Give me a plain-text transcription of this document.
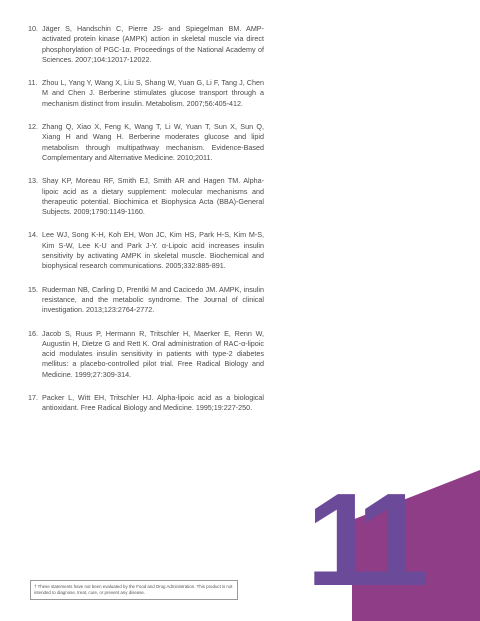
10. Jäger S, Handschin C, Pierre JS- and Spiegelman BM. AMP-activated protein kinase (AMPK) action in skeletal muscle via direct phosphorylation of PGC-1α. Proceedings of the National Academy of Sciences. 2007;104:12017-12022.
11. Zhou L, Yang Y, Wang X, Liu S, Shang W, Yuan G, Li F, Tang J, Chen M and Chen J. Berberine stimulates glucose transport through a mechanism distinct from insulin. Metabolism. 2007;56:405-412.
12. Zhang Q, Xiao X, Feng K, Wang T, Li W, Yuan T, Sun X, Sun Q, Xiang H and Wang H. Berberine moderates glucose and lipid metabolism through multipathway mechanism. Evidence-Based Complementary and Alternative Medicine. 2010;2011.
13. Shay KP, Moreau RF, Smith EJ, Smith AR and Hagen TM. Alpha-lipoic acid as a dietary supplement: molecular mechanisms and therapeutic potential. Biochimica et Biophysica Acta (BBA)-General Subjects. 2009;1790:1149-1160.
14. Lee WJ, Song K-H, Koh EH, Won JC, Kim HS, Park H-S, Kim M-S, Kim S-W, Lee K-U and Park J-Y. α-Lipoic acid increases insulin sensitivity by activating AMPK in skeletal muscle. Biochemical and biophysical research communications. 2005;332:885-891.
15. Ruderman NB, Carling D, Prentki M and Cacicedo JM. AMPK, insulin resistance, and the metabolic syndrome. The Journal of clinical investigation. 2013;123:2764-2772.
16. Jacob S, Ruus P, Hermann R, Tritschler H, Maerker E, Renn W, Augustin H, Dietze G and Rett K. Oral administration of RAC-α-lipoic acid modulates insulin sensitivity in patients with type-2 diabetes mellitus: a placebo-controlled pilot trial. Free Radical Biology and Medicine. 1999;27:309-314.
17. Packer L, Witt EH, Tritschler HJ. Alpha-lipoic acid as a biological antioxidant. Free Radical Biology and Medicine. 1995;19:227-250.
11
† These statements have not been evaluated by the Food and Drug Administration. This product is not intended to diagnose, treat, cure, or prevent any disease.
